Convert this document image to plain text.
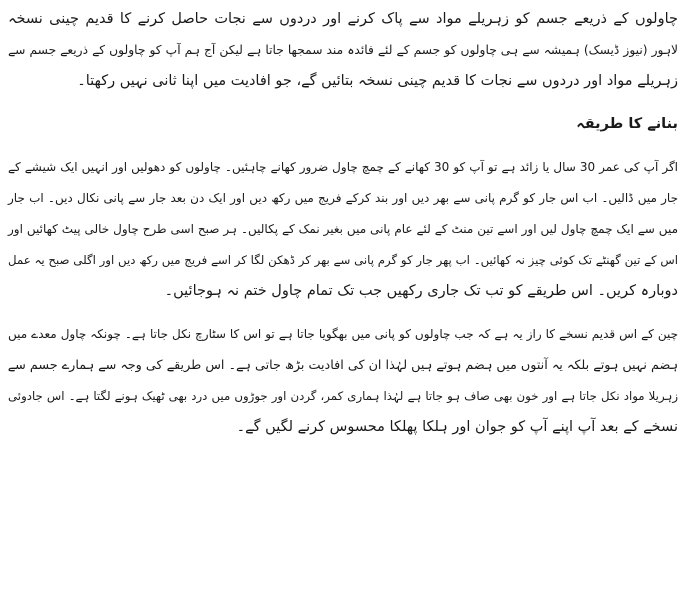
چاولوں کے ذریعے جسم کو زہریلے مواد سے پاک کرنے اور دردوں سے نجات حاصل کرنے کا قدیم چینی نسخہ
لاہور (نیوز ڈیسک) ہمیشہ سے ہی چاولوں کو جسم کے لئے فائدہ مند سمجھا جاتا ہے لیکن آج ہم آپ کو چاولوں کے ذریعے جسم سے
زہریلے مواد اور دردوں سے نجات کا قدیم چینی نسخہ بتائیں گے، جو افادیت میں اپنا ثانی نہیں رکھتا۔
بنانے کا طریقہ
اگر آپ کی عمر 30 سال یا زائد ہے تو آپ کو 30 کھانے کے چمچ چاول ضرور کھانے چاہئیں۔ چاولوں کو دھولیں اور انہیں ایک شیشے کے
جار میں ڈالیں۔ اب اس جار کو گرم پانی سے بھر دیں اور بند کرکے فریج میں رکھ دیں اور ایک دن بعد جار سے پانی نکال دیں۔ اب جار
میں سے ایک چمچ چاول لیں اور اسے تین منٹ کے لئے عام پانی میں بغیر نمک کے پکالیں۔ ہر صبح اسی طرح چاول خالی پیٹ کھائیں اور
اس کے تین گھنٹے تک کوئی چیز نہ کھائیں۔ اب پھر جار کو گرم پانی سے بھر کر ڈھکن لگا کر اسے فریج میں رکھ دیں اور اگلی صبح یہ عمل
دوبارہ کریں۔ اس طریقے کو تب تک جاری رکھیں جب تک تمام چاول ختم نہ ہوجائیں۔
چین کے اس قدیم نسخے کا راز یہ ہے کہ جب چاولوں کو پانی میں بھگویا جاتا ہے تو اس کا سٹارچ نکل جاتا ہے۔ چونکہ چاول معدے میں
ہضم نہیں ہوتے بلکہ یہ آنتوں میں ہضم ہوتے ہیں لہٰذا ان کی افادیت بڑھ جاتی ہے۔ اس طریقے کی وجہ سے ہمارے جسم سے
زہریلا مواد نکل جاتا ہے اور خون بھی صاف ہو جاتا ہے لہٰذا ہماری کمر، گردن اور جوڑوں میں درد بھی ٹھیک ہونے لگتا ہے۔ اس جادوئی
نسخے کے بعد آپ اپنے آپ کو جوان اور ہلکا پھلکا محسوس کرنے لگیں گے۔
